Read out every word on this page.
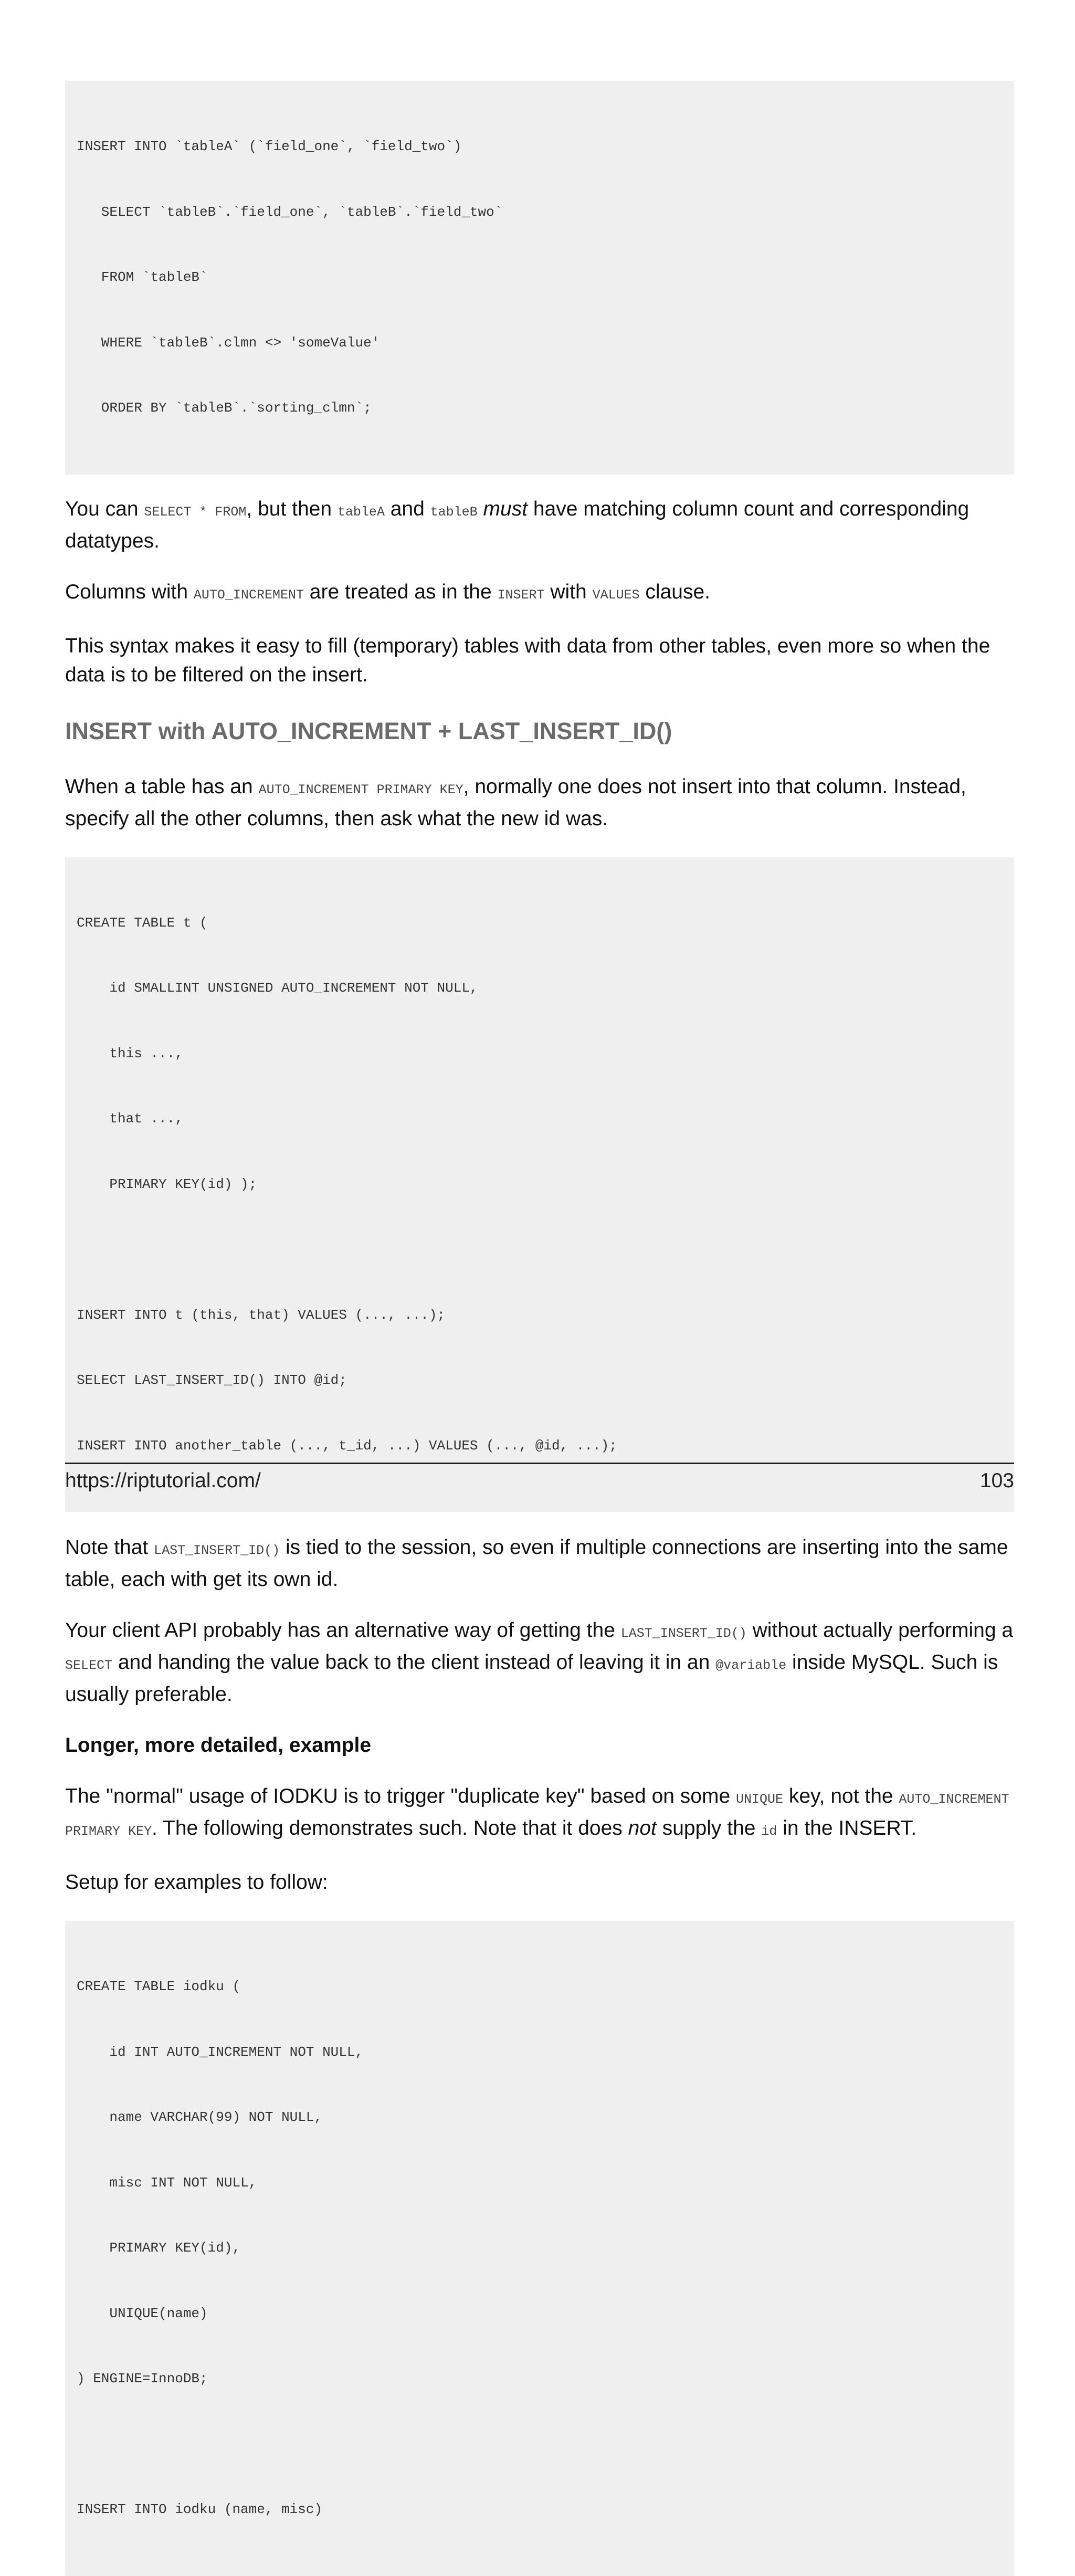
INSERT INTO `tableA` (`field_one`, `field_two`)

SELECT `tableB`.`field_one`, `tableB`.`field_two`

FROM `tableB`

WHERE `tableB`.clmn <> 'someValue'

ORDER BY `tableB`.`sorting_clmn`;

You can SELECT * FROM, but then tableA and tableB must have matching column count and corresponding datatypes.

Columns with AUTO_INCREMENT are treated as in the INSERT with VALUES clause.

This syntax makes it easy to fill (temporary) tables with data from other tables, even more so when the data is to be filtered on the insert.

INSERT with AUTO_INCREMENT + LAST_INSERT_ID()

When a table has an AUTO_INCREMENT PRIMARY KEY, normally one does not insert into that column. Instead, specify all the other columns, then ask what the new id was.

CREATE TABLE t (

id SMALLINT UNSIGNED AUTO_INCREMENT NOT NULL,

this ...,

that ...,

PRIMARY KEY(id) );

INSERT INTO t (this, that) VALUES (..., ...);

SELECT LAST_INSERT_ID() INTO @id;

INSERT INTO another_table (..., t_id, ...) VALUES (..., @id, ...);

Note that LAST_INSERT_ID() is tied to the session, so even if multiple connections are inserting into the same table, each with get its own id.

Your client API probably has an alternative way of getting the LAST_INSERT_ID() without actually performing a SELECT and handing the value back to the client instead of leaving it in an @variable inside MySQL. Such is usually preferable.

Longer, more detailed, example

The "normal" usage of IODKU is to trigger "duplicate key" based on some UNIQUE key, not the AUTO_INCREMENT PRIMARY KEY. The following demonstrates such. Note that it does not supply the id in the INSERT.

Setup for examples to follow:

CREATE TABLE iodku (

id INT AUTO_INCREMENT NOT NULL,

name VARCHAR(99) NOT NULL,

misc INT NOT NULL,

PRIMARY KEY(id),

UNIQUE(name)

) ENGINE=InnoDB;

INSERT INTO iodku (name, misc)

https://riptutorial.com/	103
